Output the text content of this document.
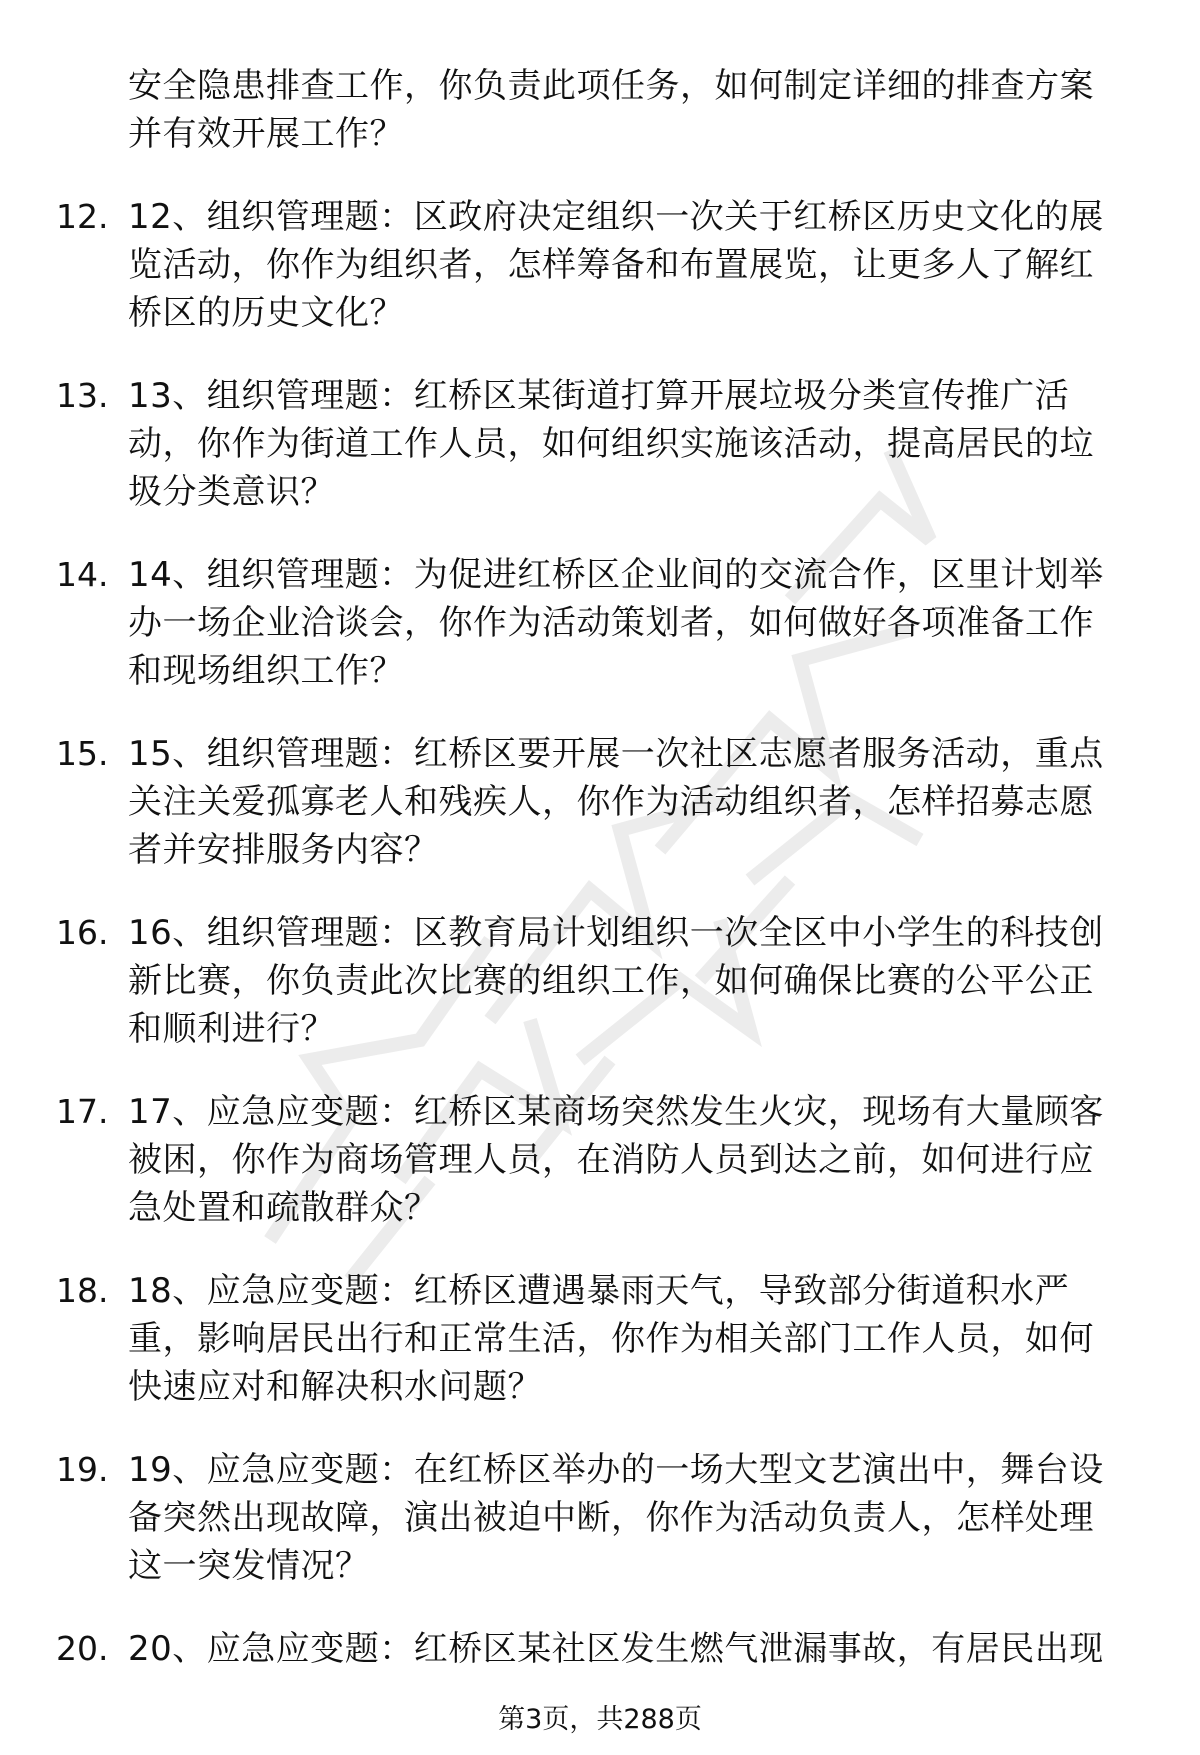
安全隐患排查工作，你负责此项任务，如何制定详细的排查方案
并有效开展工作？
12. 12、组织管理题：区政府决定组织一次关于红桥区历史文化的展
览活动，你作为组织者，怎样筹备和布置展览，让更多人了解红
桥区的历史文化？
13. 13、组织管理题：红桥区某街道打算开展垃圾分类宣传推广活
动，你作为街道工作人员，如何组织实施该活动，提高居民的垃
圾分类意识？
14. 14、组织管理题：为促进红桥区企业间的交流合作，区里计划举
办一场企业洽谈会，你作为活动策划者，如何做好各项准备工作
和现场组织工作？
15. 15、组织管理题：红桥区要开展一次社区志愿者服务活动，重点
关注关爱孤寡老人和残疾人，你作为活动组织者，怎样招募志愿
者并安排服务内容？
16. 16、组织管理题：区教育局计划组织一次全区中小学生的科技创
新比赛，你负责此次比赛的组织工作，如何确保比赛的公平公正
和顺利进行？
17. 17、应急应变题：红桥区某商场突然发生火灾，现场有大量顾客
被困，你作为商场管理人员，在消防人员到达之前，如何进行应
急处置和疏散群众？
18. 18、应急应变题：红桥区遭遇暴雨天气，导致部分街道积水严
重，影响居民出行和正常生活，你作为相关部门工作人员，如何
快速应对和解决积水问题？
19. 19、应急应变题：在红桥区举办的一场大型文艺演出中，舞台设
备突然出现故障，演出被迫中断，你作为活动负责人，怎样处理
这一突发情况？
20. 20、应急应变题：红桥区某社区发生燃气泄漏事故，有居民出现
第3页，共288页
